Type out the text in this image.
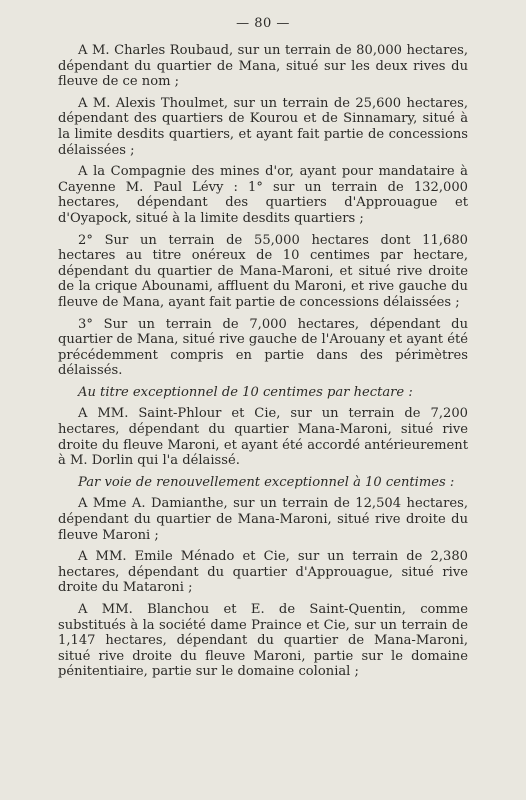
— 80 —

A M. Charles Roubaud, sur un terrain de 80,000 hectares, dépendant du quartier de Mana, situé sur les deux rives du fleuve de ce nom ;

A M. Alexis Thoulmet, sur un terrain de 25,600 hectares, dépendant des quartiers de Kourou et de Sinnamary, situé à la limite desdits quartiers, et ayant fait partie de concessions délaissées ;

A la Compagnie des mines d'or, ayant pour mandataire à Cayenne M. Paul Lévy : 1° sur un terrain de 132,000 hectares, dépendant des quartiers d'Approuague et d'Oyapock, situé à la limite desdits quartiers ;

2° Sur un terrain de 55,000 hectares dont 11,680 hectares au titre onéreux de 10 centimes par hectare, dépendant du quartier de Mana-Maroni, et situé rive droite de la crique Abounami, affluent du Maroni, et rive gauche du fleuve de Mana, ayant fait partie de concessions délaissées ;

3° Sur un terrain de 7,000 hectares, dépendant du quartier de Mana, situé rive gauche de l'Arouany et ayant été précédemment compris en partie dans des périmètres délaissés.

Au titre exceptionnel de 10 centimes par hectare :

A MM. Saint-Phlour et Cie, sur un terrain de 7,200 hectares, dépendant du quartier Mana-Maroni, situé rive droite du fleuve Maroni, et ayant été accordé antérieurement à M. Dorlin qui l'a délaissé.

Par voie de renouvellement exceptionnel à 10 centimes :

A Mme A. Damianthe, sur un terrain de 12,504 hectares, dépendant du quartier de Mana-Maroni, situé rive droite du fleuve Maroni ;

A MM. Emile Ménado et Cie, sur un terrain de 2,380 hectares, dépendant du quartier d'Approuague, situé rive droite du Mataroni ;

A MM. Blanchou et E. de Saint-Quentin, comme substitués à la société dame Praince et Cie, sur un terrain de 1,147 hectares, dépendant du quartier de Mana-Maroni, situé rive droite du fleuve Maroni, partie sur le domaine pénitentiaire, partie sur le domaine colonial ;
